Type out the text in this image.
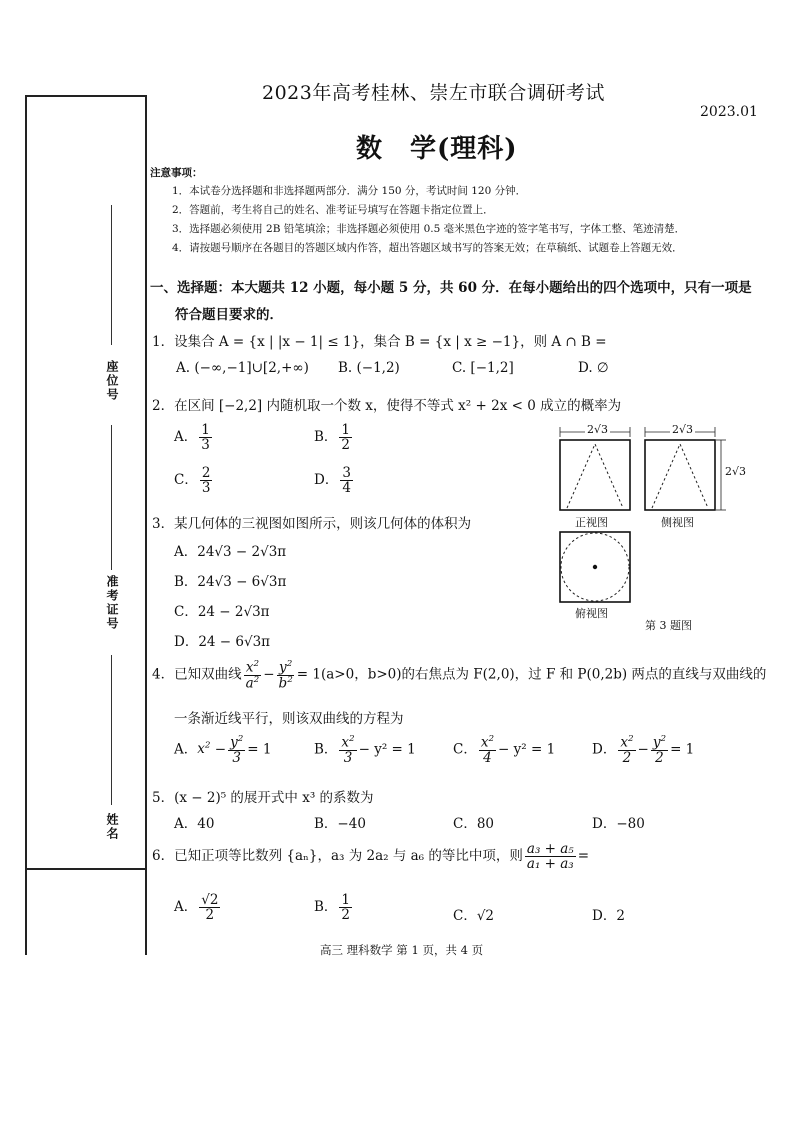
座位号
准考证号
姓名
2023年高考桂林、崇左市联合调研考试
2023.01
数　学(理科)
注意事项：
1．本试卷分选择题和非选择题两部分．满分 150 分，考试时间 120 分钟．
2．答题前，考生将自己的姓名、准考证号填写在答题卡指定位置上．
3．选择题必须使用 2B 铅笔填涂；非选择题必须使用 0.5 毫米黑色字迹的签字笔书写，字体工整、笔迹清楚．
4．请按题号顺序在各题目的答题区域内作答，超出答题区域书写的答案无效；在草稿纸、试题卷上答题无效．
一、选择题：本大题共 12 小题，每小题 5 分，共 60 分．在每小题给出的四个选项中，只有一项是
符合题目要求的．
1．设集合 A = {x | |x − 1| ≤ 1}，集合 B = {x | x ≥ −1}，则 A ∩ B =
A. (−∞,−1]∪[2,+∞) B. (−1,2)	C. [−1,2]	D. ∅
2．在区间 [−2,2] 内随机取一个数 x，使得不等式 x² + 2x < 0 成立的概率为
A． $\frac{1}{3}$	B． $\frac{1}{2}$
C． $\frac{2}{3}$	D． $\frac{3}{4}$
3．某几何体的三视图如图所示，则该几何体的体积为
A．24√3 − 2√3π
B．24√3 − 6√3π
C．24 − 2√3π
D．24 − 6√3π
2√3	2√3
2√3
正视图	侧视图
俯视图
第 3 题图
4．已知双曲线 $\frac{x^2}{a^2} - \frac{y^2}{b^2} = 1(a>0$，b>0)的右焦点为 F(2,0)，过 F 和 P(0,2b) 两点的直线与双曲线的
一条渐近线平行，则该双曲线的方程为
A．$x^2 - \frac{y^2}{3} = 1$	B． $\frac{x^2}{3} - y^2 = 1$	C． $\frac{x^2}{4} - y^2 = 1$	D． $\frac{x^2}{2} - \frac{y^2}{2} = 1$
5．(x − 2)⁵ 的展开式中 x³ 的系数为
A．40	B．−40	C．80	D．−80
6．已知正项等比数列 {aₙ}，a₃ 为 2a₂ 与 a₆ 的等比中项，则 $\frac{\text{a₃ + a₅}}{\text{a₁ + a₃}}$ =
A． $\frac{√2}{2}$	B． $\frac{1}{2}$	C．√2	D．2
高三 理科数学 第 1 页，共 4 页
